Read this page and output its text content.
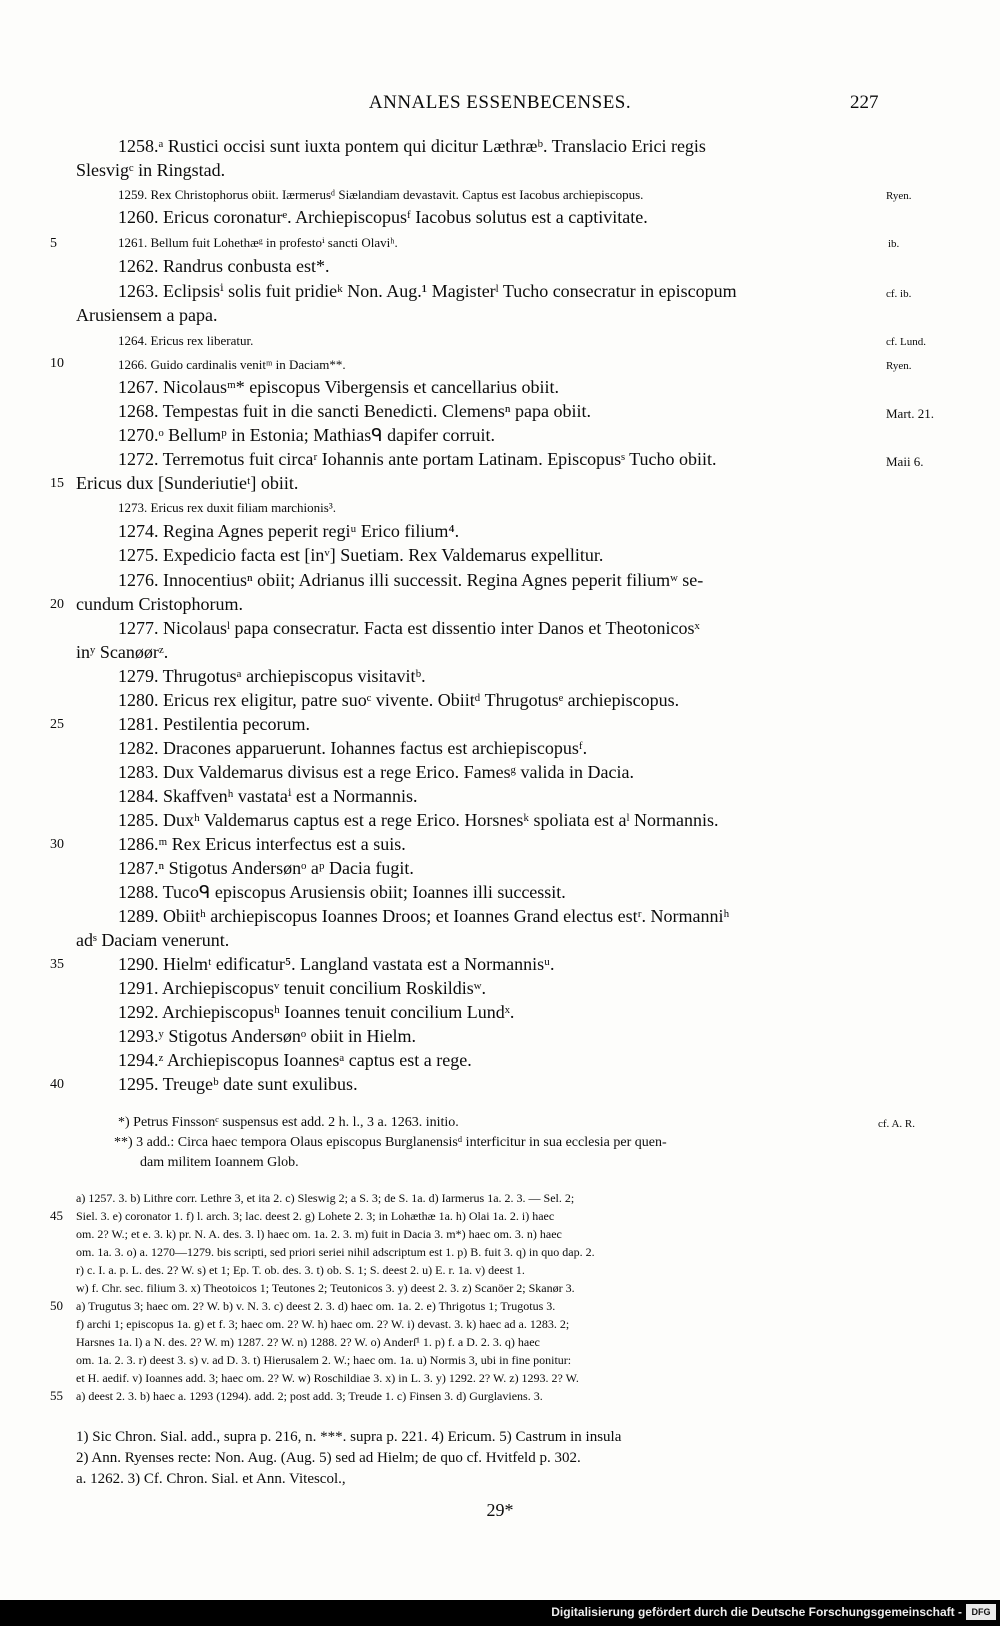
ANNALES ESSENBECENSES.	227
1258.ᵃ Rustici occisi sunt iuxta pontem qui dicitur Læthræᵇ. Translacio Erici regis
Slesvigᶜ in Ringstad.
1259. Rex Christophorus obiit. Iærmerusᵈ Siælandiam devastavit. Captus est Iacobus archiepiscopus.
1260. Ericus coronaturᵉ. Archiepiscopusᶠ Iacobus solutus est a captivitate.
1261. Bellum fuit Lohethæᵍ in profestoⁱ sancti Olaviʰ.
1262. Randrus conbusta est*.
1263. Eclipsisⁱ solis fuit pridieᵏ Non. Aug.¹ Magisterˡ Tucho consecratur in episcopum
Arusiensem a papa.
1264. Ericus rex liberatur.
1266. Guido cardinalis venitᵐ in Daciam**.
1267. Nicolausᵐ* episcopus Vibergensis et cancellarius obiit.
1268. Tempestas fuit in die sancti Benedicti. Clemensⁿ papa obiit.
1270.ᵒ Bellumᵖ in Estonia; Mathiasᑫ dapifer corruit.
1272. Terremotus fuit circaʳ Iohannis ante portam Latinam. Episcopusˢ Tucho obiit.
Ericus dux [Sunderiutieᵗ] obiit.
1273. Ericus rex duxit filiam marchionis³.
1274. Regina Agnes peperit regiᵘ Erico filium⁴.
1275. Expedicio facta est [inᵛ] Suetiam. Rex Valdemarus expellitur.
1276. Innocentiusⁿ obiit; Adrianus illi successit. Regina Agnes peperit filiumʷ se-
cundum Cristophorum.
1277. Nicolausˡ papa consecratur. Facta est dissentio inter Danos et Theotonicosˣ
inʸ Scanøørᶻ.
1279. Thrugotusᵃ archiepiscopus visitavitᵇ.
1280. Ericus rex eligitur, patre suoᶜ vivente. Obiitᵈ Thrugotusᵉ archiepiscopus.
1281. Pestilentia pecorum.
1282. Dracones apparuerunt. Iohannes factus est archiepiscopusᶠ.
1283. Dux Valdemarus divisus est a rege Erico. Famesᵍ valida in Dacia.
1284. Skaffvenʰ vastataⁱ est a Normannis.
1285. Duxʰ Valdemarus captus est a rege Erico. Horsnesᵏ spoliata est aˡ Normannis.
1286.ᵐ Rex Ericus interfectus est a suis.
1287.ⁿ Stigotus Andersønᵒ aᵖ Dacia fugit.
1288. Tucoᑫ episcopus Arusiensis obiit; Ioannes illi successit.
1289. Obiitʰ archiepiscopus Ioannes Droos; et Ioannes Grand electus estʳ. Normanniʰ
adˢ Daciam venerunt.
1290. Hielmᵗ edificatur⁵. Langland vastata est a Normannisᵘ.
1291. Archiepiscopusᵛ tenuit concilium Roskildisʷ.
1292. Archiepiscopusʰ Ioannes tenuit concilium Lundˣ.
1293.ʸ Stigotus Andersønᵒ obiit in Hielm.
1294.ᶻ Archiepiscopus Ioannesᵃ captus est a rege.
1295. Treugeᵇ date sunt exulibus.
5
10
15
20
25
30
35
40
Ryen.
ib.
cf. ib.
cf. Lund.
Ryen.
Mart. 21.
Maii 6.
*) Petrus Finssonᶜ suspensus est add. 2 h. l., 3 a. 1263. initio.
**) 3 add.: Circa haec tempora Olaus episcopus Burglanensisᵈ interficitur in sua ecclesia per quen-
dam militem Ioannem Glob.
cf. A. R.
a) 1257. 3. b) Lithre corr. Lethre 3, et ita 2. c) Sleswig 2; a S. 3; de S. 1a. d) Iarmerus 1a. 2. 3. — Sel. 2;
Siel. 3. e) coronator 1. f) l. arch. 3; lac. deest 2. g) Lohete 2. 3; in Lohæthæ 1a. h) Olai 1a. 2. i) haec
om. 2? W.; et e. 3. k) pr. N. A. des. 3. l) haec om. 1a. 2. 3. m) fuit in Dacia 3. m*) haec om. 3. n) haec
om. 1a. 3. o) a. 1270—1279. bis scripti, sed priori seriei nihil adscriptum est 1. p) B. fuit 3. q) in quo dap. 2.
r) c. I. a. p. L. des. 2? W. s) et 1; Ep. T. ob. des. 3. t) ob. S. 1; S. deest 2. u) E. r. 1a. v) deest 1.
w) f. Chr. sec. filium 3. x) Theotoicos 1; Teutones 2; Teutonicos 3. y) deest 2. 3. z) Scanöer 2; Skanør 3.
a) Trugutus 3; haec om. 2? W. b) v. N. 3. c) deest 2. 3. d) haec om. 1a. 2. e) Thrigotus 1; Trugotus 3.
f) archi 1; episcopus 1a. g) et f. 3; haec om. 2? W. h) haec om. 2? W. i) devast. 3. k) haec ad a. 1283. 2;
Harsnes 1a. l) a N. des. 2? W. m) 1287. 2? W. n) 1288. 2? W. o) Anderſ¹ 1. p) f. a D. 2. 3. q) haec
om. 1a. 2. 3. r) deest 3. s) v. ad D. 3. t) Hierusalem 2. W.; haec om. 1a. u) Normis 3, ubi in fine ponitur:
et H. aedif. v) Ioannes add. 3; haec om. 2? W. w) Roschildiae 3. x) in L. 3. y) 1292. 2? W. z) 1293. 2? W.
a) deest 2. 3. b) haec a. 1293 (1294). add. 2; post add. 3; Treude 1. c) Finsen 3. d) Gurglaviens. 3.
45
50
55
1) Sic Chron. Sial. add., supra p. 216, n. ***. supra p. 221. 4) Ericum. 5) Castrum in insula
2) Ann. Ryenses recte: Non. Aug. (Aug. 5) sed ad Hielm; de quo cf. Hvitfeld p. 302.
a. 1262. 3) Cf. Chron. Sial. et Ann. Vitescol.,
29*
Digitalisierung gefördert durch die Deutsche Forschungsgemeinschaft -	DFG
